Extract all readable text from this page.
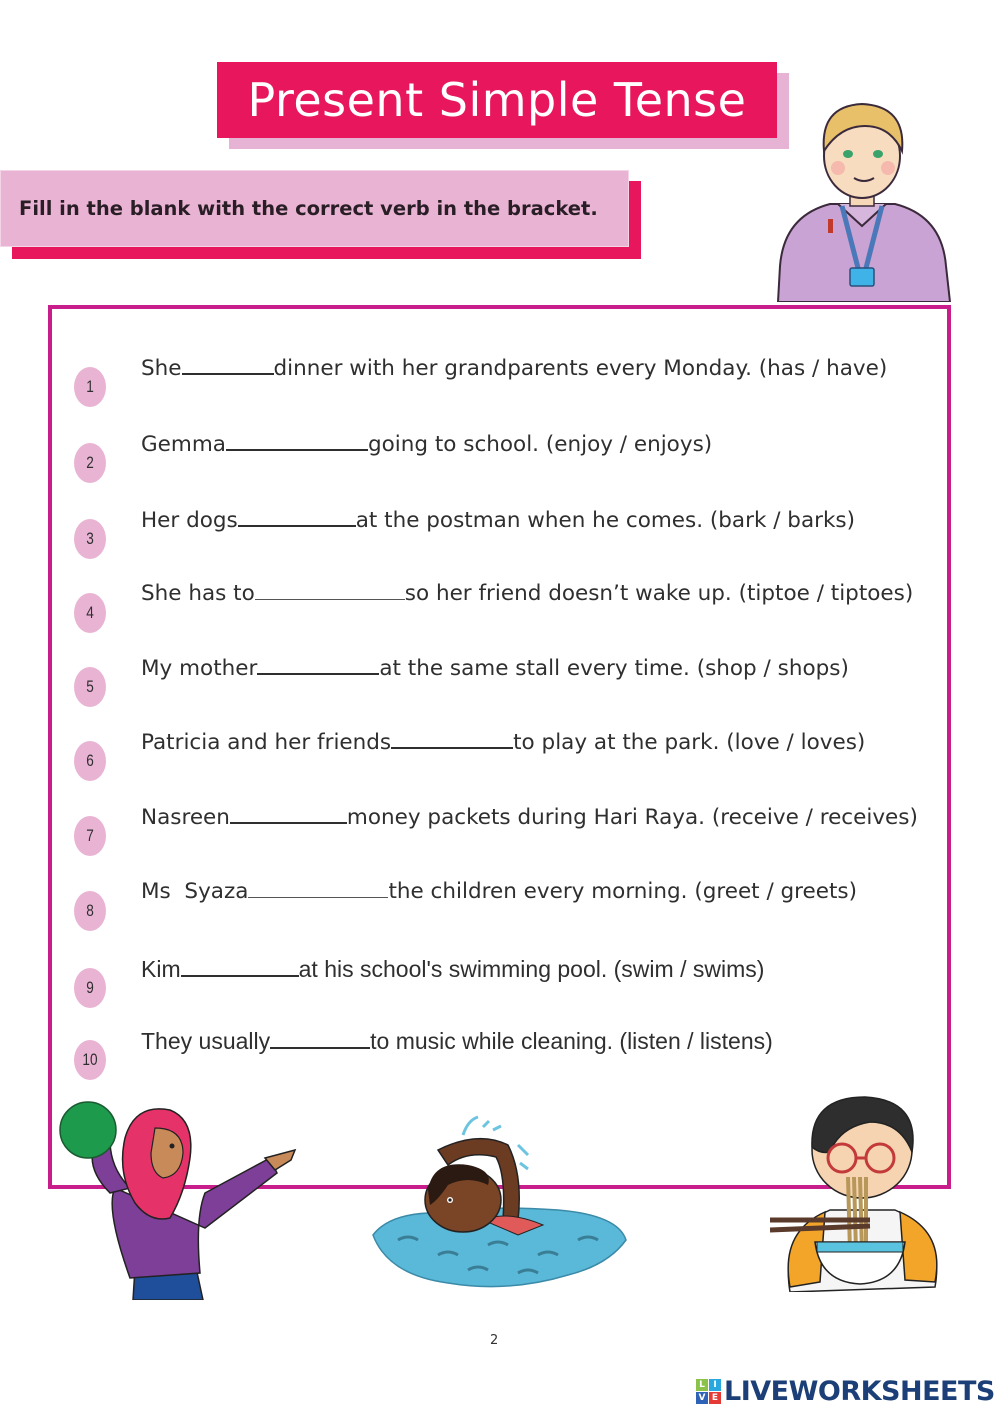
Present Simple Tense
Fill in the blank with the correct verb in the bracket.
1
She	dinner with her grandparents every Monday. (has / have)
2
Gemma	going to school. (enjoy / enjoys)
3
Her dogs	at the postman when he comes. (bark / barks)
4
She has to	so her friend doesn’t wake up. (tiptoe / tiptoes)
5
My mother	at the same stall every time. (shop / shops)
6
Patricia and her friends	to play at the park. (love / loves)
7
Nasreen	money packets during Hari Raya. (receive / receives)
8
Ms  Syaza	the children every morning. (greet / greets)
9
Kim	at his school's swimming pool. (swim / swims)
10
They usually	to music while cleaning. (listen / listens)
2
L I
V E LIVEWORKSHEETS
